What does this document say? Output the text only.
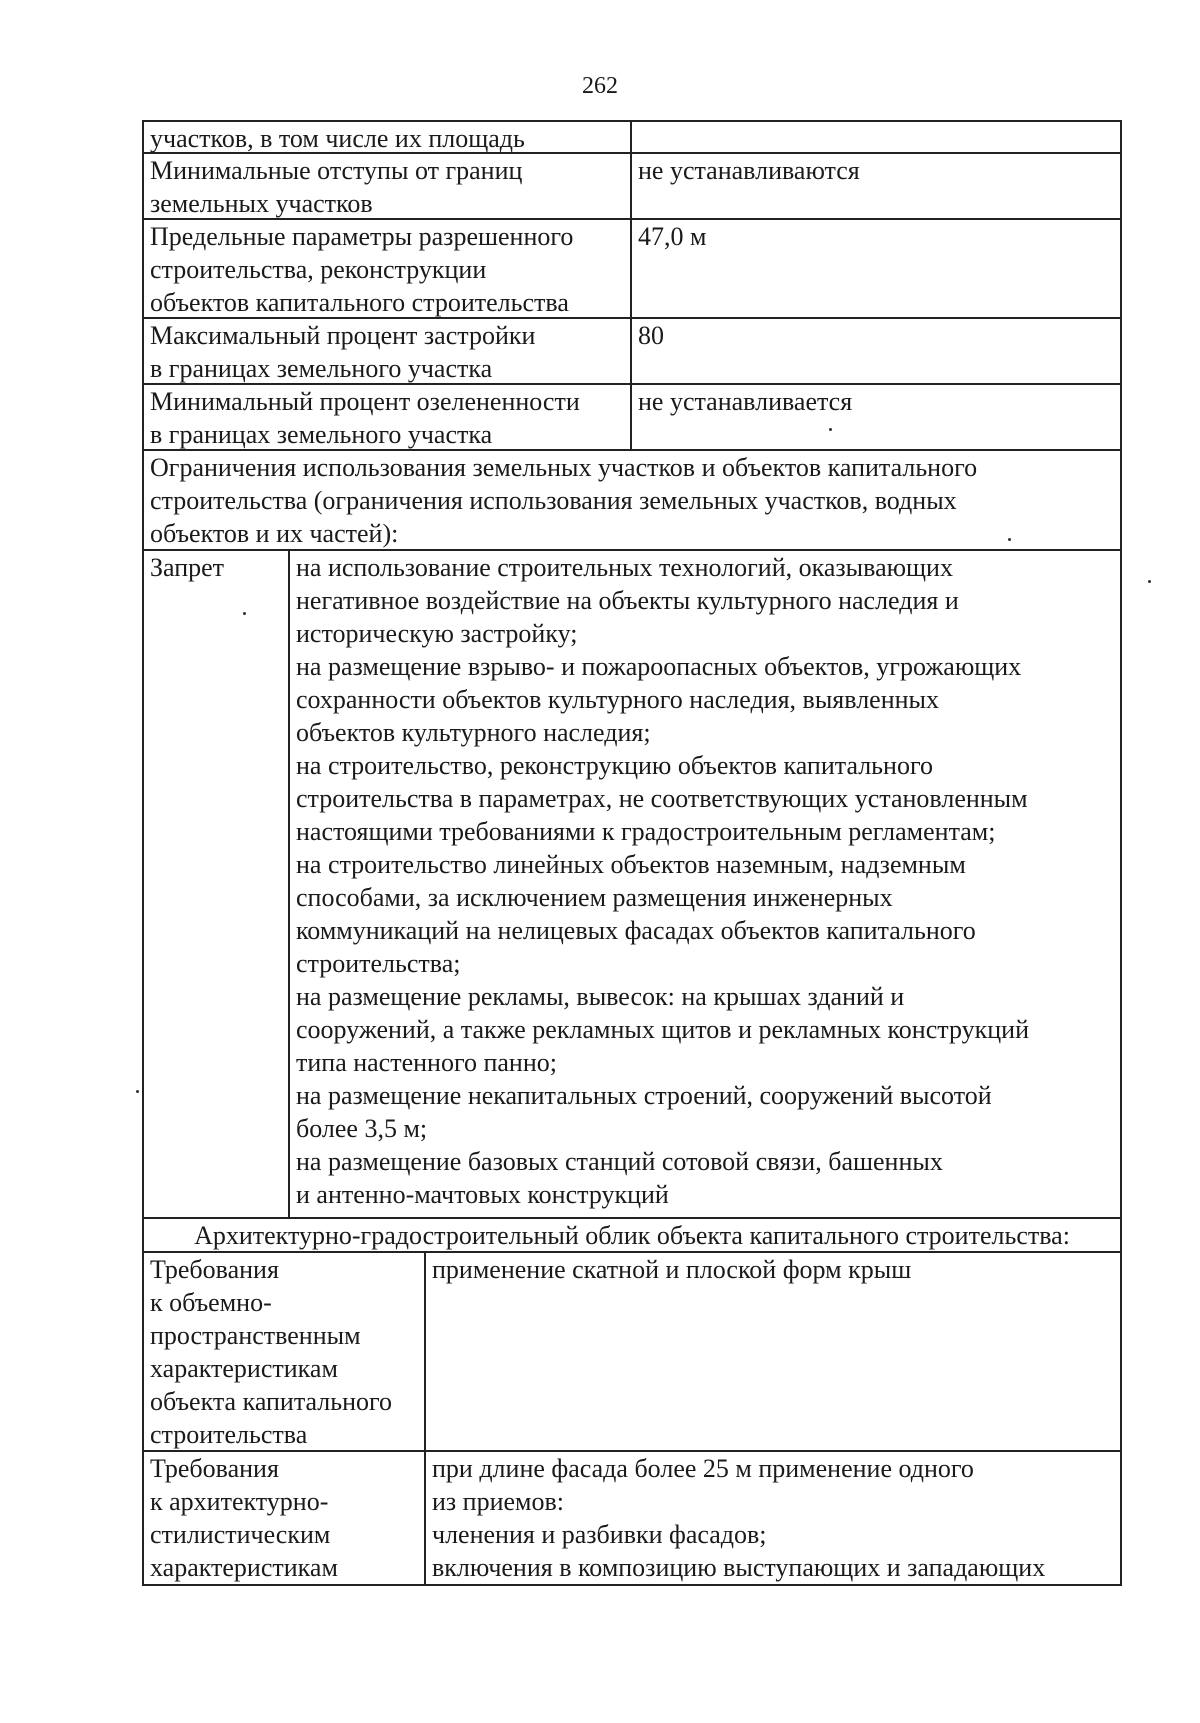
262
участков, в том числе их площадь
Минимальные отступы от границ
земельных участков
не устанавливаются
Предельные параметры разрешенного
строительства, реконструкции
объектов капитального строительства
47,0 м
Максимальный процент застройки
в границах земельного участка
80
Минимальный процент озелененности
в границах земельного участка
не устанавливается
Ограничения использования земельных участков и объектов капитального
строительства (ограничения использования земельных участков, водных
объектов и их частей):
Запрет	на использование строительных технологий, оказывающих
негативное воздействие на объекты культурного наследия и
историческую застройку;
на размещение взрыво- и пожароопасных объектов, угрожающих
сохранности объектов культурного наследия, выявленных
объектов культурного наследия;
на строительство, реконструкцию объектов капитального
строительства в параметрах, не соответствующих установленным
настоящими требованиями к градостроительным регламентам;
на строительство линейных объектов наземным, надземным
способами, за исключением размещения инженерных
коммуникаций на нелицевых фасадах объектов капитального
строительства;
на размещение рекламы, вывесок: на крышах зданий и
сооружений, а также рекламных щитов и рекламных конструкций
типа настенного панно;
на размещение некапитальных строений, сооружений высотой
более 3,5 м;
на размещение базовых станций сотовой связи, башенных
и антенно-мачтовых конструкций
Архитектурно-градостроительный облик объекта капитального строительства:
Требования
к объемно-
пространственным
характеристикам
объекта капитального
строительства
применение скатной и плоской форм крыш
Требования
к архитектурно-
стилистическим
характеристикам
при длине фасада более 25 м применение одного
из приемов:
членения и разбивки фасадов;
включения в композицию выступающих и западающих
